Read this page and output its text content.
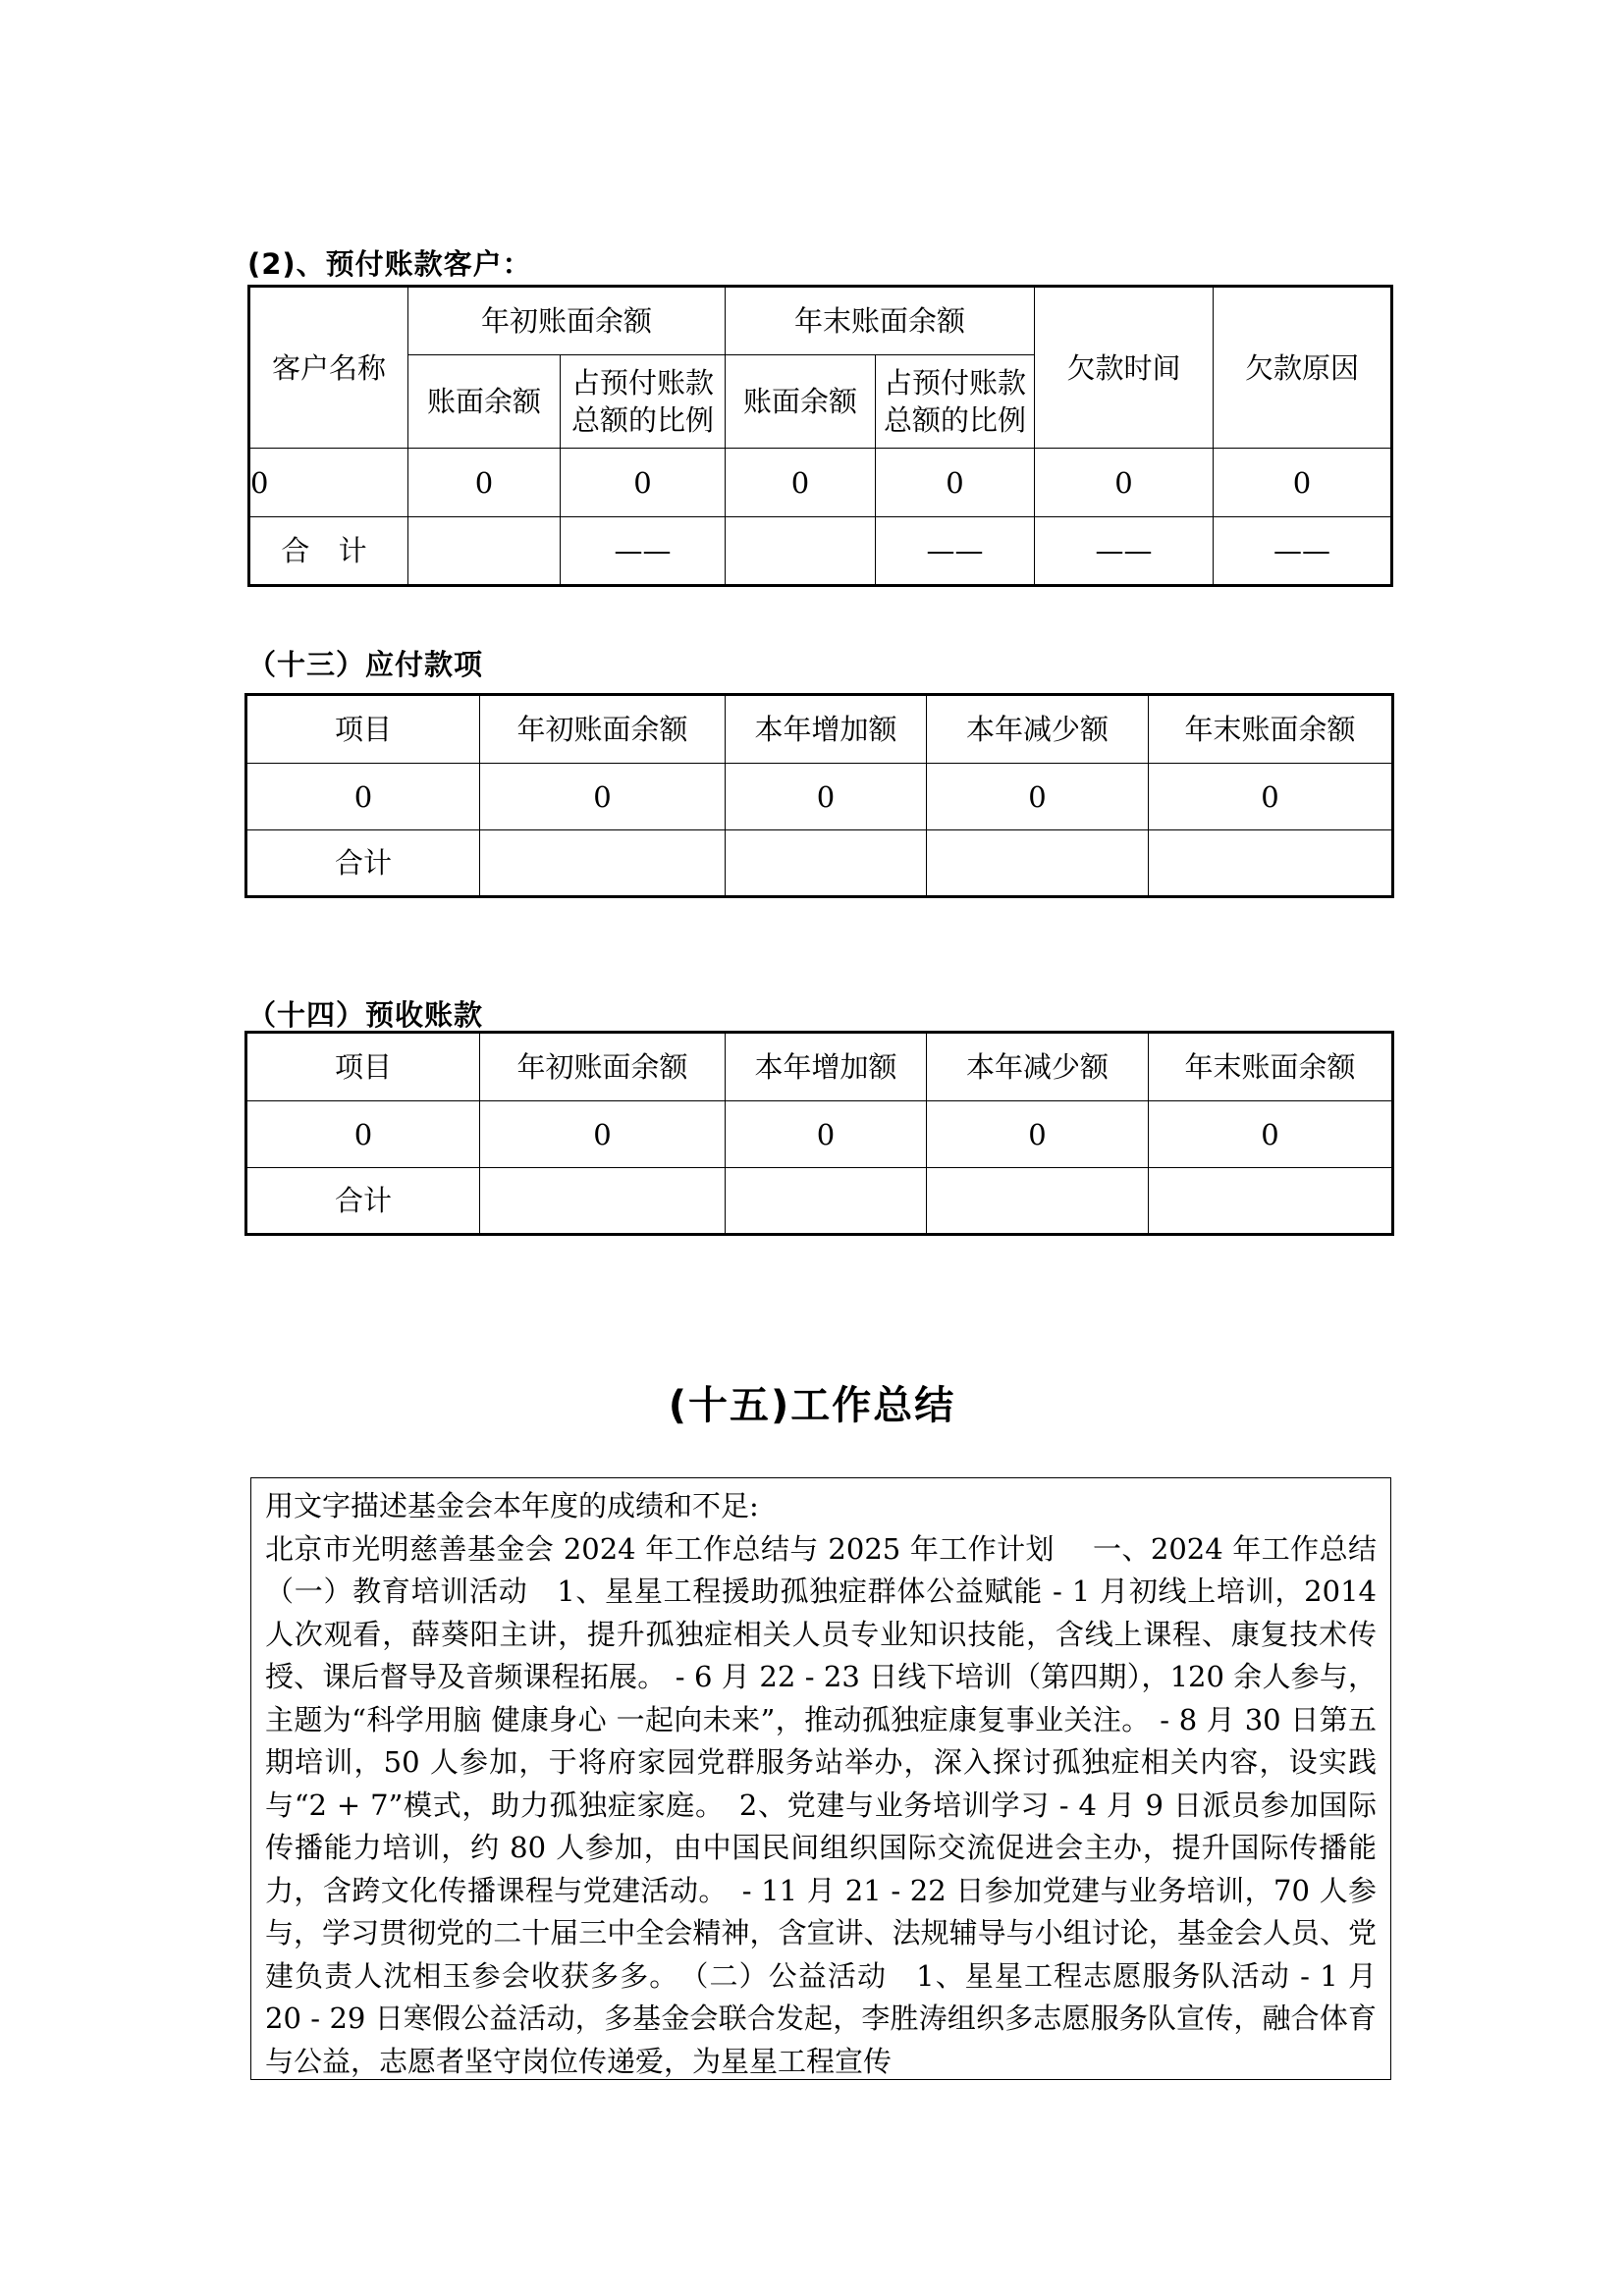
(2)、预付账款客户：
客户名称	年初账面余额		年末账面余额		欠款时间	欠款原因
	账面余额	占预付账款总额的比例	账面余额	占预付账款总额的比例		
0	0	0	0	0	0	0
合 计		——		——	——	——
（十三）应付款项
项目	年初账面余额	本年增加额	本年减少额	年末账面余额
0	0	0	0	0
合计				
（十四）预收账款
项目	年初账面余额	本年增加额	本年减少额	年末账面余额
0	0	0	0	0
合计				
(十五)工作总结

用文字描述基金会本年度的成绩和不足:

北京市光明慈善基金会 2024 年工作总结与 2025 年工作计划　 一、2024 年工作总结　（一）教育培训活动　1、星星工程援助孤独症群体公益赋能 - 1 月初线上培训，2014 人次观看，薛葵阳主讲，提升孤独症相关人员专业知识技能，含线上课程、康复技术传授、课后督导及音频课程拓展。 - 6 月 22 - 23 日线下培训（第四期），120 余人参与，主题为“科学用脑 健康身心 一起向未来”，推动孤独症康复事业关注。 - 8 月 30 日第五期培训，50 人参加，于将府家园党群服务站举办，深入探讨孤独症相关内容，设实践与“2 + 7”模式，助力孤独症家庭。　2、党建与业务培训学习 - 4 月 9 日派员参加国际传播能力培训，约 80 人参加，由中国民间组织国际交流促进会主办，提升国际传播能力，含跨文化传播课程与党建活动。　- 11 月 21 - 22 日参加党建与业务培训，70 人参与，学习贯彻党的二十届三中全会精神，含宣讲、法规辅导与小组讨论，基金会人员、党建负责人沈相玉参会收获多多。　（二）公益活动　1、星星工程志愿服务队活动 - 1 月 20 - 29 日寒假公益活动，多基金会联合发起，李胜涛组织多志愿服务队宣传，融合体育与公益，志愿者坚守岗位传递爱，为星星工程宣传
